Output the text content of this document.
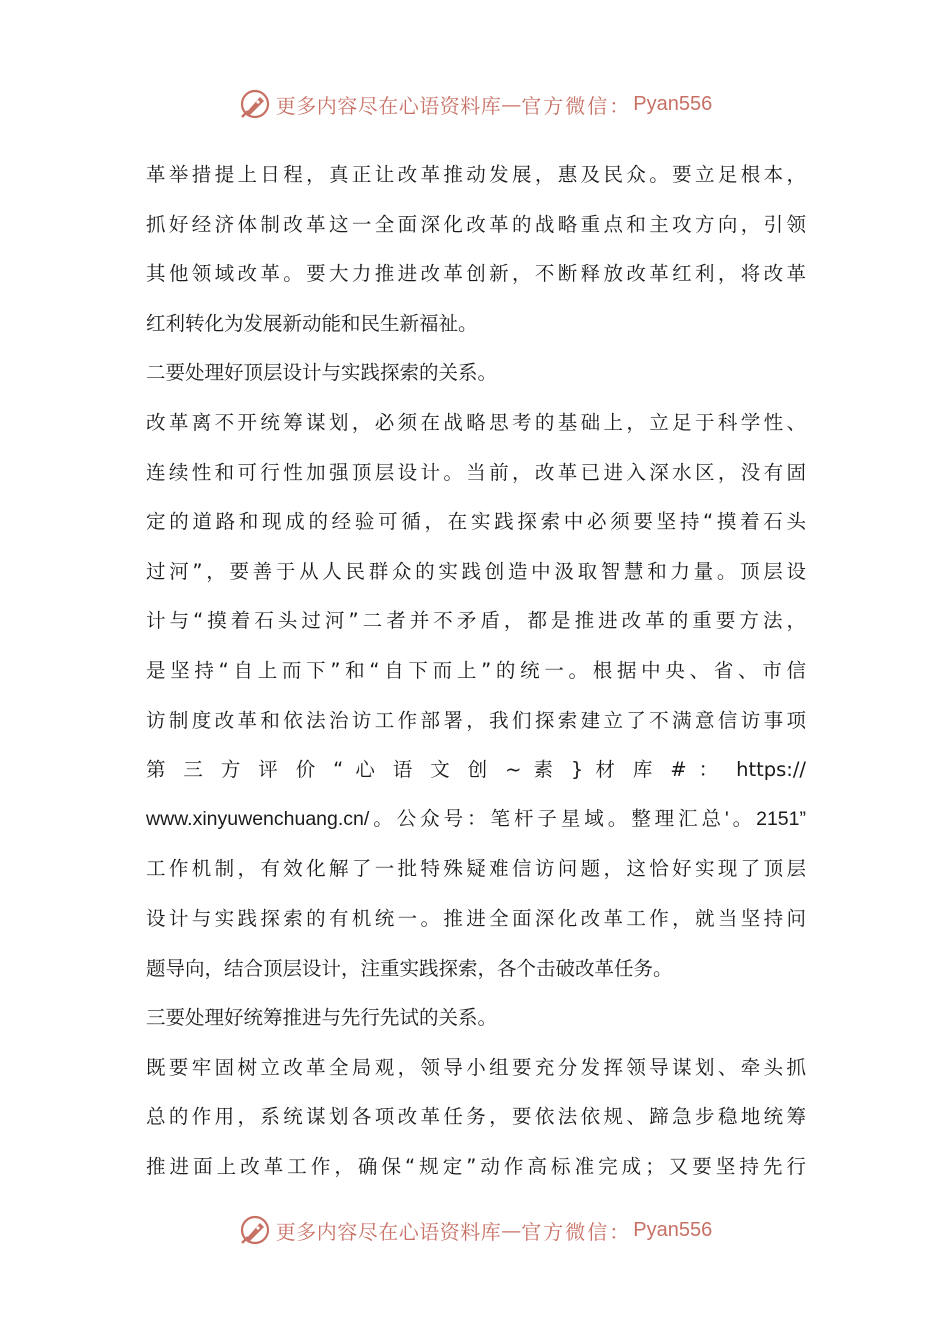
更多内容尽在心语资料库 — 官方微信： Pyan556
革举措提上日程，真正让改革推动发展，惠及民众。要立足根本，
抓好经济体制改革这一全面深化改革的战略重点和主攻方向，引领
其他领域改革。要大力推进改革创新，不断释放改革红利，将改革
红利转化为发展新动能和民生新福祉。
二要处理好顶层设计与实践探索的关系。
改革离不开统筹谋划，必须在战略思考的基础上，立足于科学性、
连续性和可行性加强顶层设计。当前，改革已进入深水区，没有固
定的道路和现成的经验可循，在实践探索中必须要坚持“摸着石头
过河”，要善于从人民群众的实践创造中汲取智慧和力量。顶层设
计与“摸着石头过河”二者并不矛盾，都是推进改革的重要方法，
是坚持“自上而下”和“自下而上”的统一。根据中央、省、市信
访制度改革和依法治访工作部署，我们探索建立了不满意信访事项
第 三 方 评 价 “ 心 语 文 创 ~ 素 } 材 库 # ： https://
www.xinyuwenchuang.cn/。公众号：笔杆子星域。整理汇总'。2151”
工作机制，有效化解了一批特殊疑难信访问题，这恰好实现了顶层
设计与实践探索的有机统一。推进全面深化改革工作，就当坚持问
题导向，结合顶层设计，注重实践探索，各个击破改革任务。
三要处理好统筹推进与先行先试的关系。
既要牢固树立改革全局观，领导小组要充分发挥领导谋划、牵头抓
总的作用，系统谋划各项改革任务，要依法依规、蹄急步稳地统筹
推进面上改革工作，确保“规定”动作高标准完成；又要坚持先行
更多内容尽在心语资料库 — 官方微信： Pyan556
